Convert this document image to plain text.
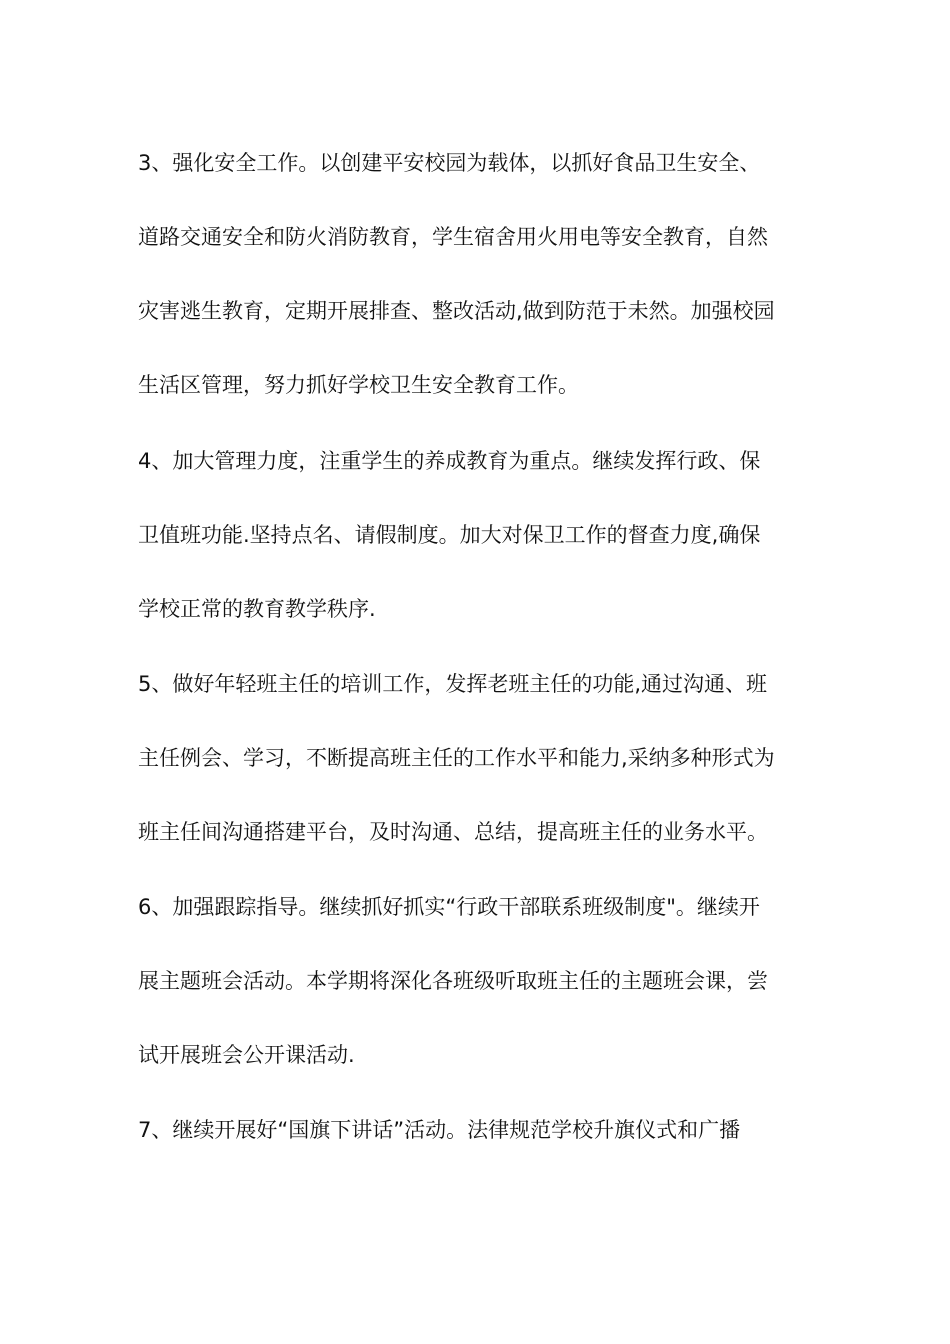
3、强化安全工作。以创建平安校园为载体，以抓好食品卫生安全、
道路交通安全和防火消防教育，学生宿舍用火用电等安全教育，自然
灾害逃生教育，定期开展排查、整改活动,做到防范于未然。加强校园
生活区管理，努力抓好学校卫生安全教育工作。
4、加大管理力度，注重学生的养成教育为重点。继续发挥行政、保
卫值班功能.坚持点名、请假制度。加大对保卫工作的督查力度,确保
学校正常的教育教学秩序.
5、做好年轻班主任的培训工作，发挥老班主任的功能,通过沟通、班
主任例会、学习，不断提高班主任的工作水平和能力,采纳多种形式为
班主任间沟通搭建平台，及时沟通、总结，提高班主任的业务水平。
6、加强跟踪指导。继续抓好抓实“行政干部联系班级制度"。继续开
展主题班会活动。本学期将深化各班级听取班主任的主题班会课，尝
试开展班会公开课活动.
7、继续开展好“国旗下讲话”活动。法律规范学校升旗仪式和广播
